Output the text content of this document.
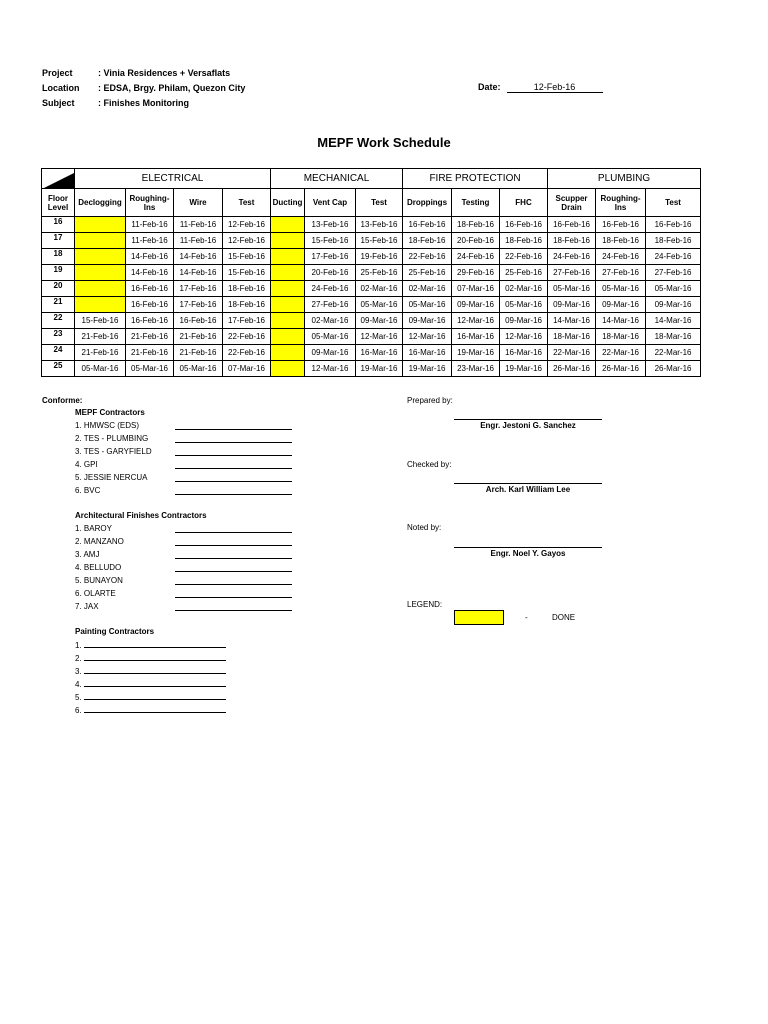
Project	: Vinia Residences + Versaflats
Location : EDSA, Brgy. Philam, Quezon City
Subject	: Finishes Monitoring
Date:	12-Feb-16
MEPF Work Schedule
	ELECTRICAL				MECHANICAL			FIRE PROTECTION			PLUMBING		
Floor Level	Declogging	Roughing-Ins	Wire	Test	Ducting	Vent Cap	Test	Droppings	Testing	FHC	Scupper Drain	Roughing-Ins	Test
16		11-Feb-16	11-Feb-16	12-Feb-16		13-Feb-16	13-Feb-16	16-Feb-16	18-Feb-16	16-Feb-16	16-Feb-16	16-Feb-16	16-Feb-16
17		11-Feb-16	11-Feb-16	12-Feb-16		15-Feb-16	15-Feb-16	18-Feb-16	20-Feb-16	18-Feb-16	18-Feb-16	18-Feb-16	18-Feb-16
18		14-Feb-16	14-Feb-16	15-Feb-16		17-Feb-16	19-Feb-16	22-Feb-16	24-Feb-16	22-Feb-16	24-Feb-16	24-Feb-16	24-Feb-16
19		14-Feb-16	14-Feb-16	15-Feb-16		20-Feb-16	25-Feb-16	25-Feb-16	29-Feb-16	25-Feb-16	27-Feb-16	27-Feb-16	27-Feb-16
20		16-Feb-16	17-Feb-16	18-Feb-16		24-Feb-16	02-Mar-16	02-Mar-16	07-Mar-16	02-Mar-16	05-Mar-16	05-Mar-16	05-Mar-16
21		16-Feb-16	17-Feb-16	18-Feb-16		27-Feb-16	05-Mar-16	05-Mar-16	09-Mar-16	05-Mar-16	09-Mar-16	09-Mar-16	09-Mar-16
22	15-Feb-16	16-Feb-16	16-Feb-16	17-Feb-16		02-Mar-16	09-Mar-16	09-Mar-16	12-Mar-16	09-Mar-16	14-Mar-16	14-Mar-16	14-Mar-16
23	21-Feb-16	21-Feb-16	21-Feb-16	22-Feb-16		05-Mar-16	12-Mar-16	12-Mar-16	16-Mar-16	12-Mar-16	18-Mar-16	18-Mar-16	18-Mar-16
24	21-Feb-16	21-Feb-16	21-Feb-16	22-Feb-16		09-Mar-16	16-Mar-16	16-Mar-16	19-Mar-16	16-Mar-16	22-Mar-16	22-Mar-16	22-Mar-16
25	05-Mar-16	05-Mar-16	05-Mar-16	07-Mar-16		12-Mar-16	19-Mar-16	19-Mar-16	23-Mar-16	19-Mar-16	26-Mar-16	26-Mar-16	26-Mar-16
Conforme:
MEPF Contractors
1. HMWSC (EDS)
2. TES - PLUMBING
3. TES - GARYFIELD
4. GPI
5. JESSIE NERCUA
6. BVC
Architectural Finishes Contractors
1. BAROY
2. MANZANO
3. AMJ
4. BELLUDO
5. BUNAYON
6. OLARTE
7. JAX
Painting Contractors
1.
2.
3.
4.
5.
6.
Prepared by:
Engr. Jestoni G. Sanchez
Checked by:
Arch. Karl William Lee
Noted by:
Engr. Noel Y. Gayos
LEGEND:
-	DONE
